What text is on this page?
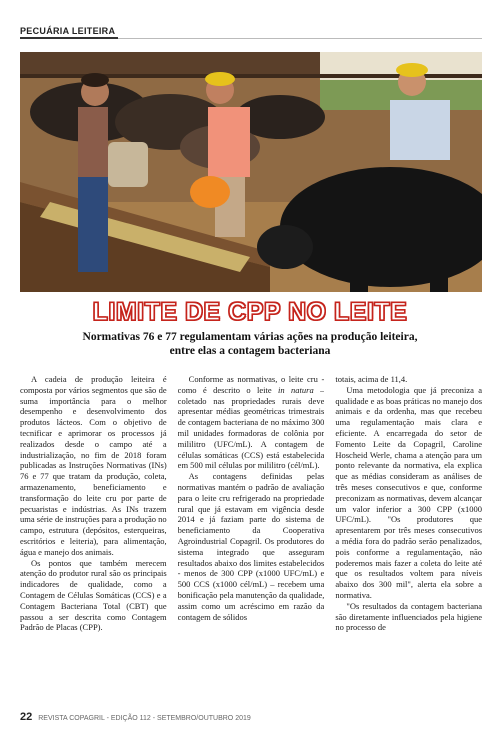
PECUÁRIA LEITEIRA
LIMITE DE CPP NO LEITE
Normativas 76 e 77 regulamentam várias ações na produção leiteira,
entre elas a contagem bacteriana

A cadeia de produção leiteira é composta por vários segmentos que são de suma importância para o melhor desempenho e desenvolvimento dos produtos lácteos. Com o objetivo de tecnificar e aprimorar os processos já realizados desde o campo até a industrialização, no fim de 2018 foram publicadas as Instruções Normativas (INs) 76 e 77 que tratam da produção, coleta, armazenamento, beneficiamento e transformação do leite cru por parte de pecuaristas e indústrias. As INs trazem uma série de instruções para a produção no campo, estrutura (depósitos, esterqueiras, escritórios e leiteria), para alimentação, água e manejo dos animais.

Os pontos que também merecem atenção do produtor rural são os principais indicadores de qualidade, como a Contagem de Células Somáticas (CCS) e a Contagem Bacteriana Total (CBT) que passou a ser descrita como Contagem Padrão de Placas (CPP).

Conforme as normativas, o leite cru - como é descrito o leite in natura – coletado nas propriedades rurais deve apresentar médias geométricas trimestrais de contagem bacteriana de no máximo 300 mil unidades formadoras de colônia por mililitro (UFC/mL). A contagem de células somáticas (CCS) está estabelecida em 500 mil células por mililitro (cél/mL).

As contagens definidas pelas normativas mantém o padrão de avaliação para o leite cru refrigerado na propriedade rural que já estavam em vigência desde 2014 e já faziam parte do sistema de beneficiamento da Cooperativa Agroindustrial Copagril. Os produtores do sistema integrado que asseguram resultados abaixo dos limites estabelecidos - menos de 300 CPP (x1000 UFC/mL) e 500 CCS (x1000 cél/mL) – recebem uma bonificação pela manutenção da qualidade, assim como um acréscimo em razão da contagem de sólidos

totais, acima de 11,4.

Uma metodologia que já preconiza a qualidade e as boas práticas no manejo dos animais e da ordenha, mas que recebeu uma regulamentação mais clara e eficiente. A encarregada do setor de Fomento Leite da Copagril, Caroline Hoscheid Werle, chama a atenção para um ponto relevante da normativa, ela explica que as médias consideram as análises de três meses consecutivos e que, conforme preconizam as normativas, devem alcançar um valor inferior a 300 CPP (x1000 UFC/mL). "Os produtores que apresentarem por três meses consecutivos a média fora do padrão serão penalizados, pois conforme a regulamentação, não poderemos mais fazer a coleta do leite até que os resultados voltem para níveis abaixo dos 300 mil", alerta ela sobre a normativa.

"Os resultados da contagem bacteriana são diretamente influenciados pela higiene no processo de

22 REVISTA COPAGRIL - EDIÇÃO 112 - SETEMBRO/OUTUBRO 2019
